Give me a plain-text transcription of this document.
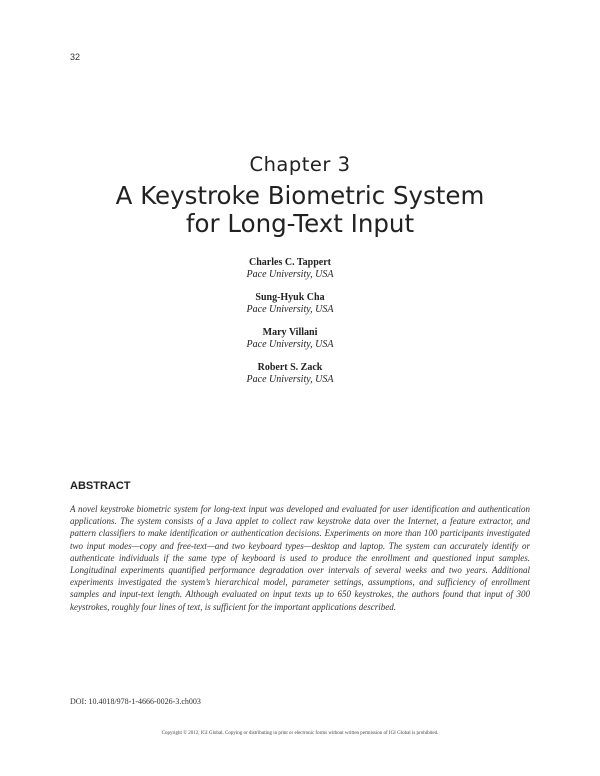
32
Chapter 3
A Keystroke Biometric System
for Long-Text Input
Charles C. Tappert
Pace University, USA
Sung-Hyuk Cha
Pace University, USA
Mary Villani
Pace University, USA
Robert S. Zack
Pace University, USA
ABSTRACT
A novel keystroke biometric system for long-text input was developed and evaluated for user identification and authentication applications. The system consists of a Java applet to collect raw keystroke data over the Internet, a feature extractor, and pattern classifiers to make identification or authentication decisions. Experiments on more than 100 participants investigated two input modes—copy and free-text—and two keyboard types—desktop and laptop. The system can accurately identify or authenticate individuals if the same type of keyboard is used to produce the enrollment and questioned input samples. Longitudinal experiments quantified performance degradation over intervals of several weeks and two years. Additional experiments investigated the system’s hierarchical model, parameter settings, assumptions, and sufficiency of enrollment samples and input-text length. Although evaluated on input texts up to 650 keystrokes, the authors found that input of 300 keystrokes, roughly four lines of text, is sufficient for the important applications described.
DOI: 10.4018/978-1-4666-0026-3.ch003
Copyright © 2012, IGI Global. Copying or distributing in print or electronic forms without written permission of IGI Global is prohibited.
